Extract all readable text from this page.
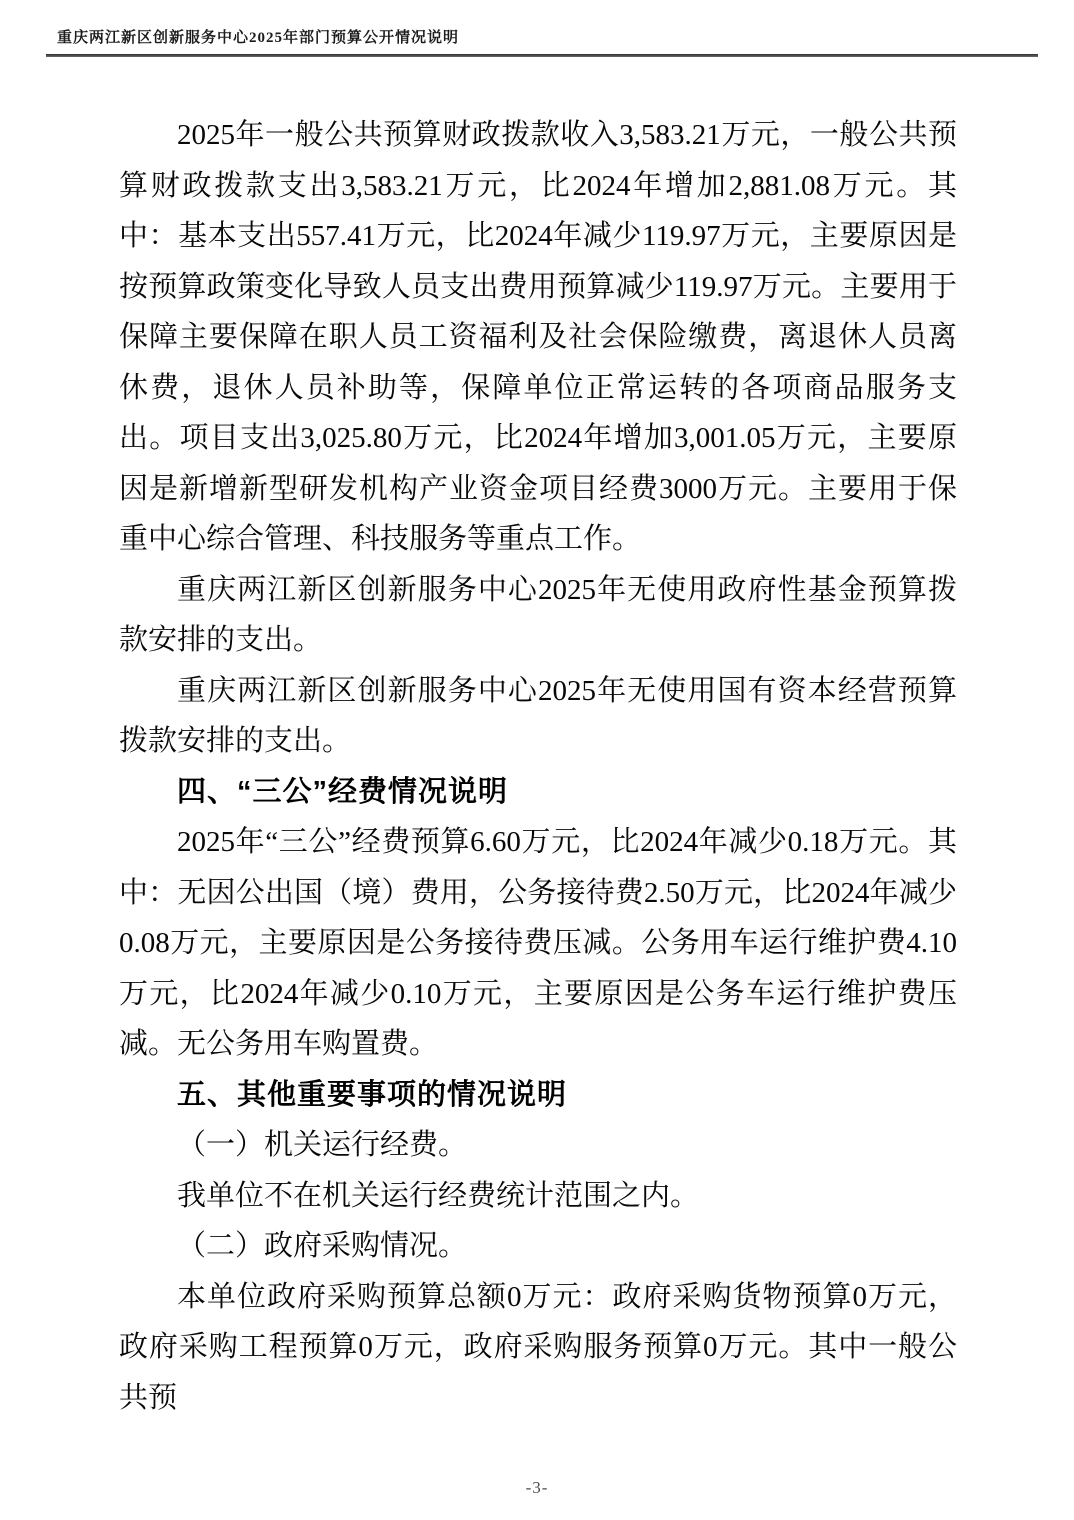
重庆两江新区创新服务中心2025年部门预算公开情况说明

2025年一般公共预算财政拨款收入3,583.21万元，一般公共预算财政拨款支出3,583.21万元，比2024年增加2,881.08万元。其中：基本支出557.41万元，比2024年减少119.97万元，主要原因是按预算政策变化导致人员支出费用预算减少119.97万元。主要用于保障主要保障在职人员工资福利及社会保险缴费，离退休人员离休费，退休人员补助等，保障单位正常运转的各项商品服务支出。项目支出3,025.80万元，比2024年增加3,001.05万元，主要原因是新增新型研发机构产业资金项目经费3000万元。主要用于保重中心综合管理、科技服务等重点工作。

重庆两江新区创新服务中心2025年无使用政府性基金预算拨款安排的支出。

重庆两江新区创新服务中心2025年无使用国有资本经营预算拨款安排的支出。

四、“三公”经费情况说明

2025年“三公”经费预算6.60万元，比2024年减少0.18万元。其中：无因公出国（境）费用，公务接待费2.50万元，比2024年减少0.08万元，主要原因是公务接待费压减。公务用车运行维护费4.10万元，比2024年减少0.10万元，主要原因是公务车运行维护费压减。无公务用车购置费。

五、其他重要事项的情况说明

（一）机关运行经费。

我单位不在机关运行经费统计范围之内。

（二）政府采购情况。

本单位政府采购预算总额0万元：政府采购货物预算0万元，政府采购工程预算0万元，政府采购服务预算0万元。其中一般公共预

-3-
